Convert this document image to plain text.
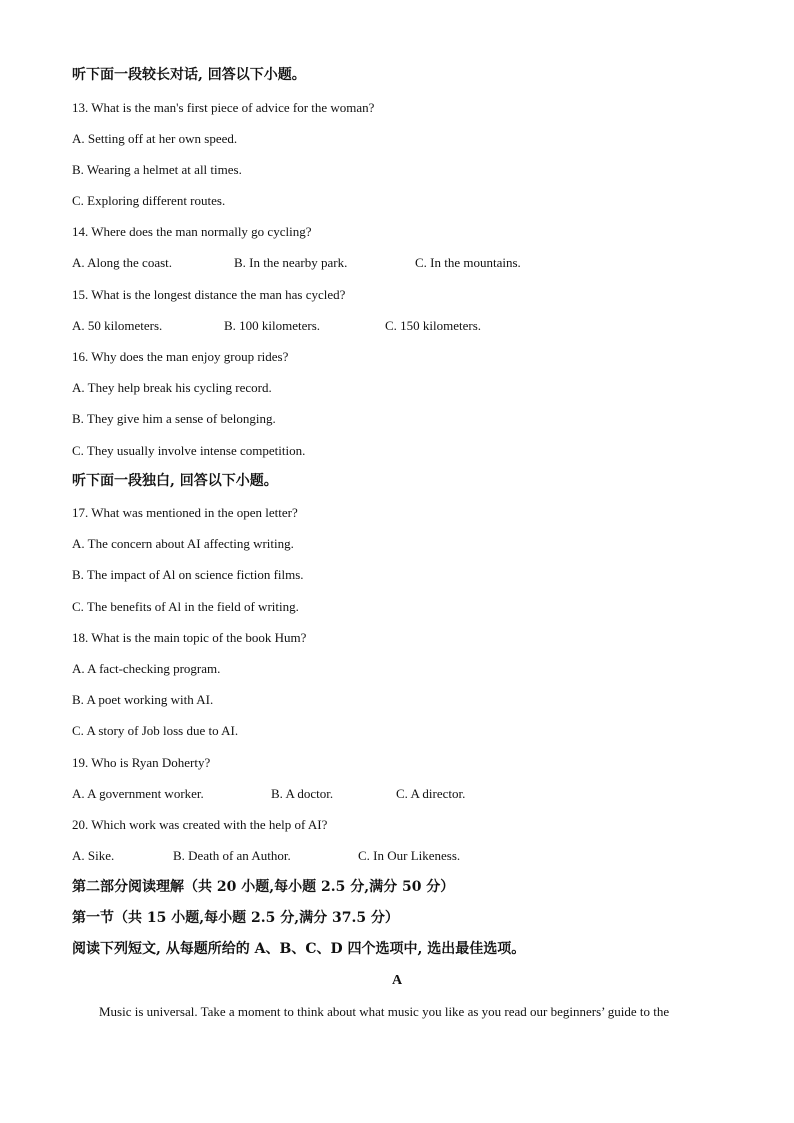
听下面一段较长对话, 回答以下小题。
13. What is the man's first piece of advice for the woman?
A. Setting off at her own speed.
B. Wearing a helmet at all times.
C. Exploring different routes.
14. Where does the man normally go cycling?
A. Along the coast.	B. In the nearby park.	C. In the mountains.
15. What is the longest distance the man has cycled?
A. 50 kilometers.	B. 100 kilometers.	C. 150 kilometers.
16. Why does the man enjoy group rides?
A. They help break his cycling record.
B. They give him a sense of belonging.
C. They usually involve intense competition.
听下面一段独白, 回答以下小题。
17. What was mentioned in the open letter?
A. The concern about AI affecting writing.
B. The impact of Al on science fiction films.
C. The benefits of Al in the field of writing.
18. What is the main topic of the book Hum?
A. A fact-checking program.
B. A poet working with AI.
C. A story of Job loss due to AI.
19. Who is Ryan Doherty?
A. A government worker.	B. A doctor.	C. A director.
20. Which work was created with the help of AI?
A. Sike.	B. Death of an Author.	C. In Our Likeness.
第二部分阅读理解（共 20 小题,每小题 2.5 分,满分 50 分）
第一节（共 15 小题,每小题 2.5 分,满分 37.5 分）
阅读下列短文, 从每题所给的 A、B、C、D 四个选项中, 选出最佳选项。
A
Music is universal. Take a moment to think about what music you like as you read our beginners’ guide to the
